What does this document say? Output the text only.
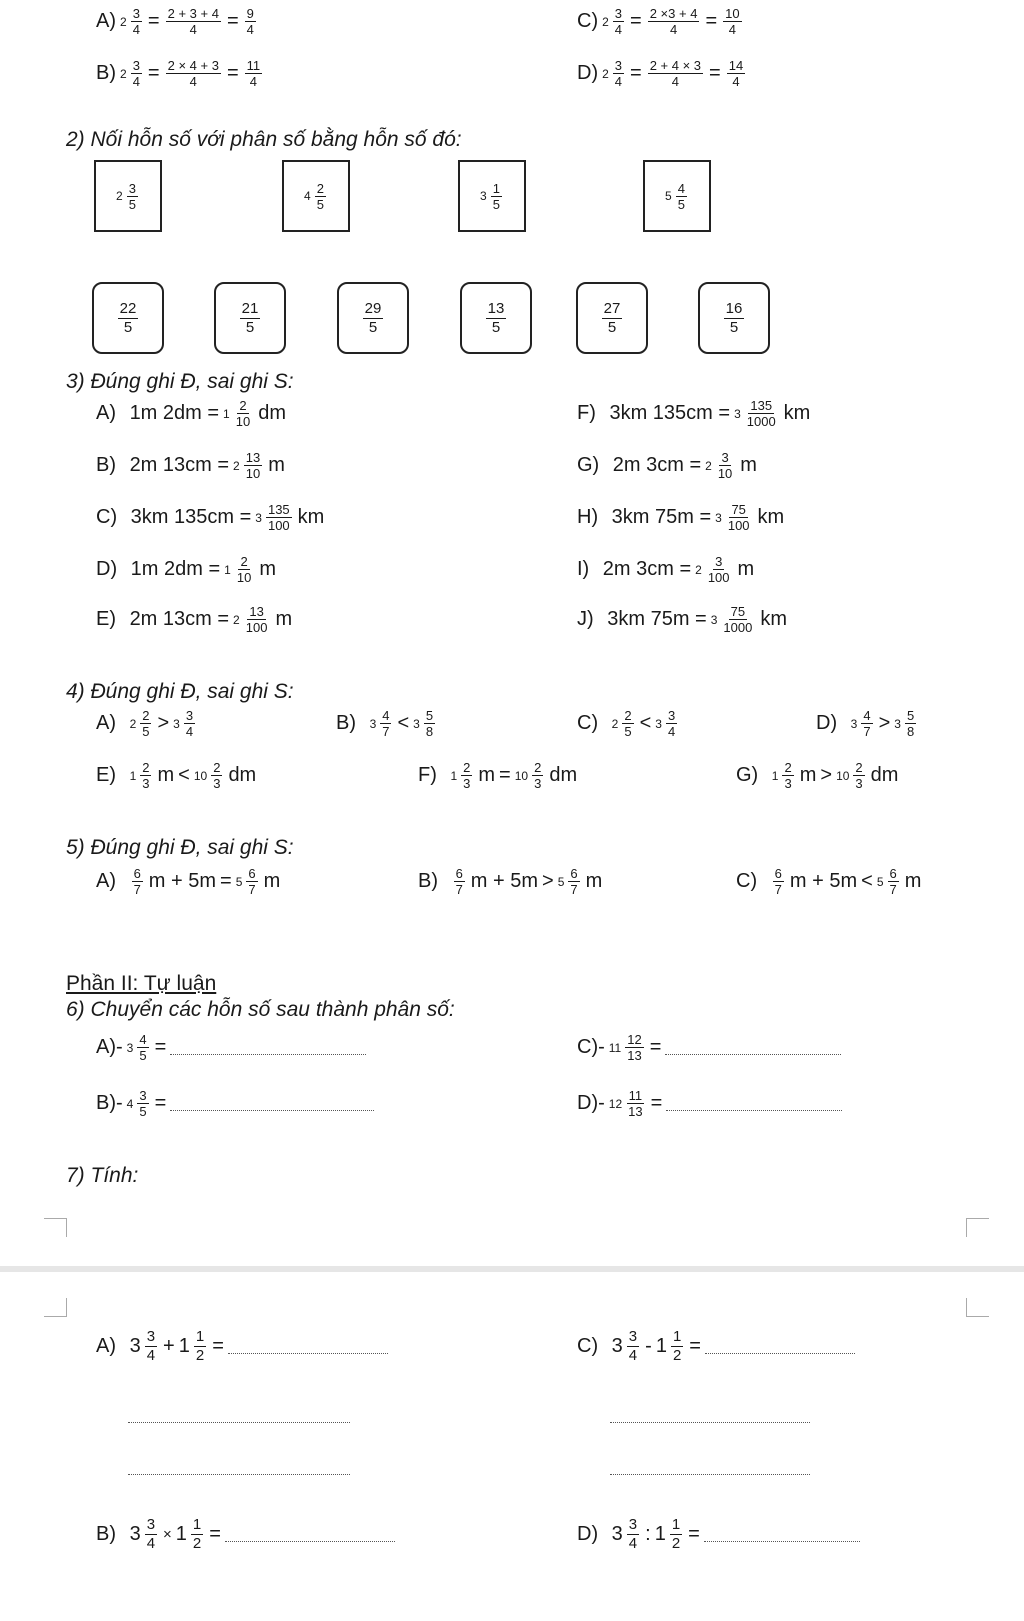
A) $2 \frac{3}{4} = \frac{2 + 3 + 4}{4} = \frac{9}{4}$
B) $2 \frac{3}{4} = \frac{2 \times 4 + 3}{4} = \frac{11}{4}$
C) $2 \frac{3}{4} = \frac{2 \times 3 + 4}{4} = \frac{10}{4}$
D) $2 \frac{3}{4} = \frac{2 + 4 \times 3}{4} = \frac{14}{4}$
2) Nối hỗn số với phân số bằng hỗn số đó:
$2 \frac{3}{5}$	$4 \frac{2}{5}$	$3 \frac{1}{5}$	$5 \frac{4}{5}$
$\frac{22}{5}$	$\frac{21}{5}$	$\frac{29}{5}$	$\frac{13}{5}$	$\frac{27}{5}$	$\frac{16}{5}$
3) Đúng ghi Đ, sai ghi S:
A)
1m $2dm = 1 \frac{2}{10}$ dm
B)
2m $13cm = 2 \frac{13}{10}$ m
C)
3km $135cm = 3 \frac{135}{100}$ km
D)
1m $2dm = 1 \frac{2}{10}$ m
E)
2m $13cm = 2 \frac{13}{100}$ m
F)
3km $135cm = 3 \frac{135}{1000}$ km
G)
2m $3cm = 2 \frac{3}{10}$ m
H)
3km $75m = 3 \frac{75}{100}$ km
I)
2m $3cm = 2 \frac{3}{100}$ m
J)
3km $75m = 3 \frac{75}{1000}$ km
4) Đúng ghi Đ, sai ghi S:
A)
$2 \frac{2}{5} > 3 \frac{3}{4}$	B)
$3 \frac{4}{7} < 3 \frac{5}{8}$	C)
$2 \frac{2}{5} < 3 \frac{3}{4}$	D)
$3 \frac{4}{7} > 3 \frac{5}{8}$
E)
$1 \frac{2}{3}$ $m < 10 \frac{2}{3}$ dm	F)
$1 \frac{2}{3}$ $m = 10 \frac{2}{3}$ dm	G)
$1 \frac{2}{3}$ $m > 10 \frac{2}{3}$ dm
5) Đúng ghi Đ, sai ghi S:
A)
$\frac{6}{7}$ $m + 5m = 5 \frac{6}{7}$ m	B)
$\frac{6}{7}$ $m + 5m > 5 \frac{6}{7}$ m	C)
$\frac{6}{7}$ $m + 5m < 5 \frac{6}{7}$ m
Phần II: Tự luận
6) Chuyển các hỗn số sau thành phân số:
A)- $3 \frac{4}{5}$ =
B)- $4 \frac{3}{5}$ =
C)- $11 \frac{12}{13}$ =
D)- $12 \frac{11}{13}$ =
7) Tính:
A)
$3 \frac{3}{4} + 1 \frac{1}{2}$ =	C)
$3 \frac{3}{4} - 1 \frac{1}{2}$ =
B)
$3 \frac{3}{4} \times 1 \frac{1}{2}$ =	D)
$3 \frac{3}{4}$ : $1 \frac{1}{2}$ =
